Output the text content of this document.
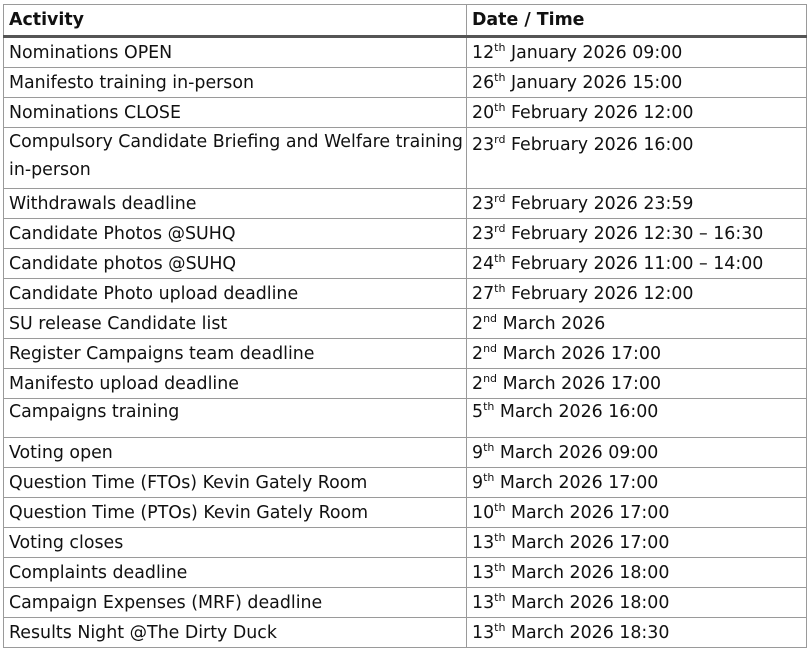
Activity	Date / Time
Nominations OPEN	12th January 2026 09:00
Manifesto training in-person	26th January 2026 15:00
Nominations CLOSE	20th February 2026 12:00
Compulsory Candidate Briefing and Welfare training in-person	23rd February 2026 16:00
Withdrawals deadline	23rd February 2026 23:59
Candidate Photos @SUHQ	23rd February 2026 12:30 – 16:30
Candidate photos @SUHQ	24th February 2026 11:00 – 14:00
Candidate Photo upload deadline	27th February 2026 12:00
SU release Candidate list	2nd March 2026
Register Campaigns team deadline	2nd March 2026 17:00
Manifesto upload deadline	2nd March 2026 17:00
Campaigns training	5th March 2026 16:00
Voting open	9th March 2026 09:00
Question Time (FTOs) Kevin Gately Room	9th March 2026 17:00
Question Time (PTOs) Kevin Gately Room	10th March 2026 17:00
Voting closes	13th March 2026 17:00
Complaints deadline	13th March 2026 18:00
Campaign Expenses (MRF) deadline	13th March 2026 18:00
Results Night @The Dirty Duck	13th March 2026 18:30
